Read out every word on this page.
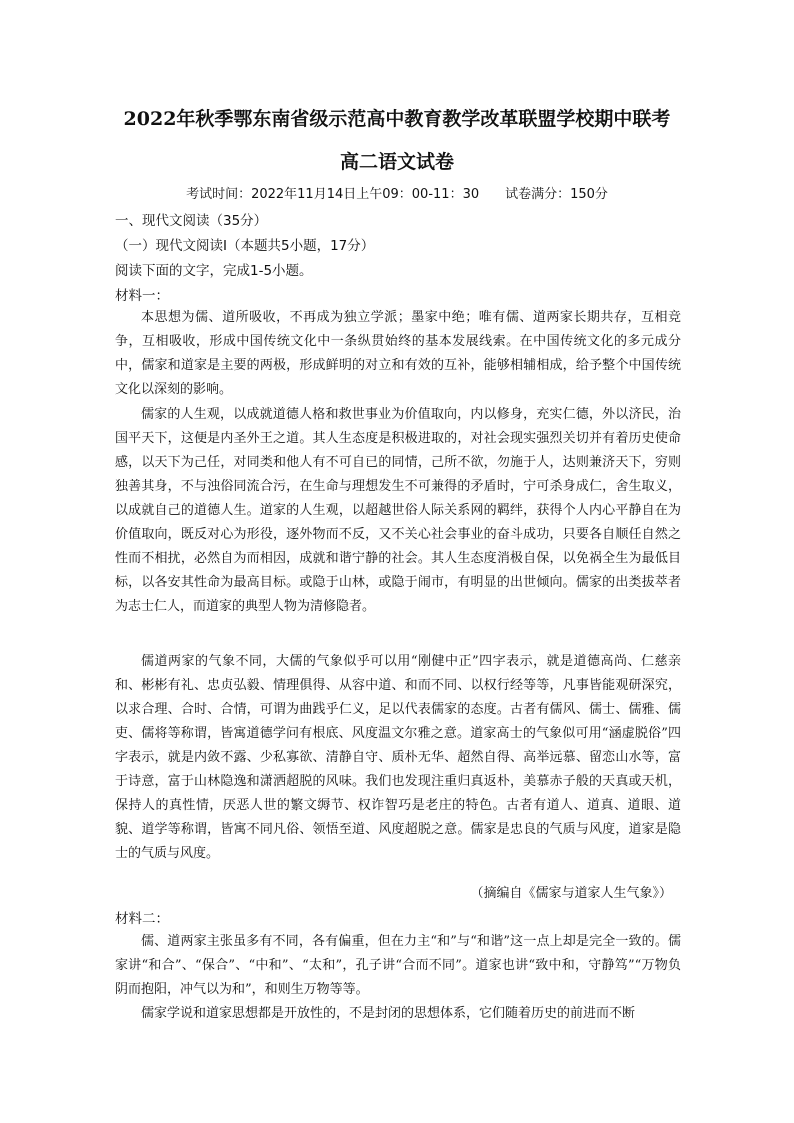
2022年秋季鄂东南省级示范高中教育教学改革联盟学校期中联考
高二语文试卷
考试时间：2022年11月14日上午09：00-11：30　　试卷满分：150分
一、现代文阅读（35分）
（一）现代文阅读Ⅰ（本题共5小题，17分）
阅读下面的文字，完成1-5小题。
材料一：

本思想为儒、道所吸收，不再成为独立学派；墨家中绝；唯有儒、道两家长期共存，互相竞争，互相吸收，形成中国传统文化中一条纵贯始终的基本发展线索。在中国传统文化的多元成分中，儒家和道家是主要的两极，形成鲜明的对立和有效的互补，能够相辅相成，给予整个中国传统文化以深刻的影响。

儒家的人生观，以成就道德人格和救世事业为价值取向，内以修身，充实仁德，外以济民，治国平天下，这便是内圣外王之道。其人生态度是积极进取的，对社会现实强烈关切并有着历史使命感，以天下为己任，对同类和他人有不可自已的同情，己所不欲，勿施于人，达则兼济天下，穷则独善其身，不与浊俗同流合污，在生命与理想发生不可兼得的矛盾时，宁可杀身成仁，舍生取义，以成就自己的道德人生。道家的人生观，以超越世俗人际关系网的羁绊，获得个人内心平静自在为价值取向，既反对心为形役，逐外物而不反，又不关心社会事业的奋斗成功，只要各自顺任自然之性而不相扰，必然自为而相因，成就和谐宁静的社会。其人生态度消极自保，以免祸全生为最低目标，以各安其性命为最高目标。或隐于山林，或隐于闹市，有明显的出世倾向。儒家的出类拔萃者为志士仁人，而道家的典型人物为清修隐者。

儒道两家的气象不同，大儒的气象似乎可以用“刚健中正”四字表示，就是道德高尚、仁慈亲和、彬彬有礼、忠贞弘毅、情理俱得、从容中道、和而不同、以权行经等等，凡事皆能观研深究，以求合理、合时、合情，可谓为曲践乎仁义，足以代表儒家的态度。古者有儒风、儒士、儒雅、儒吏、儒将等称谓，皆寓道德学问有根底、风度温文尔雅之意。道家高士的气象似可用“涵虚脱俗”四字表示，就是内敛不露、少私寡欲、清静自守、质朴无华、超然自得、高举远慕、留恋山水等，富于诗意，富于山林隐逸和潇洒超脱的风味。我们也发现注重归真返朴，美慕赤子般的天真或天机，保持人的真性情，厌恶人世的繁文缛节、权诈智巧是老庄的特色。古者有道人、道真、道眼、道貌、道学等称谓，皆寓不同凡俗、领悟至道、风度超脱之意。儒家是忠良的气质与风度，道家是隐士的气质与风度。

（摘编自《儒家与道家人生气象》）
材料二：

儒、道两家主张虽多有不同，各有偏重，但在力主“和”与“和谐”这一点上却是完全一致的。儒家讲“和合”、“保合”、“中和”、“太和”，孔子讲“合而不同”。道家也讲“致中和，守静笃”“万物负阴而抱阳，冲气以为和”，和则生万物等等。

儒家学说和道家思想都是开放性的，不是封闭的思想体系，它们随着历史的前进而不断
